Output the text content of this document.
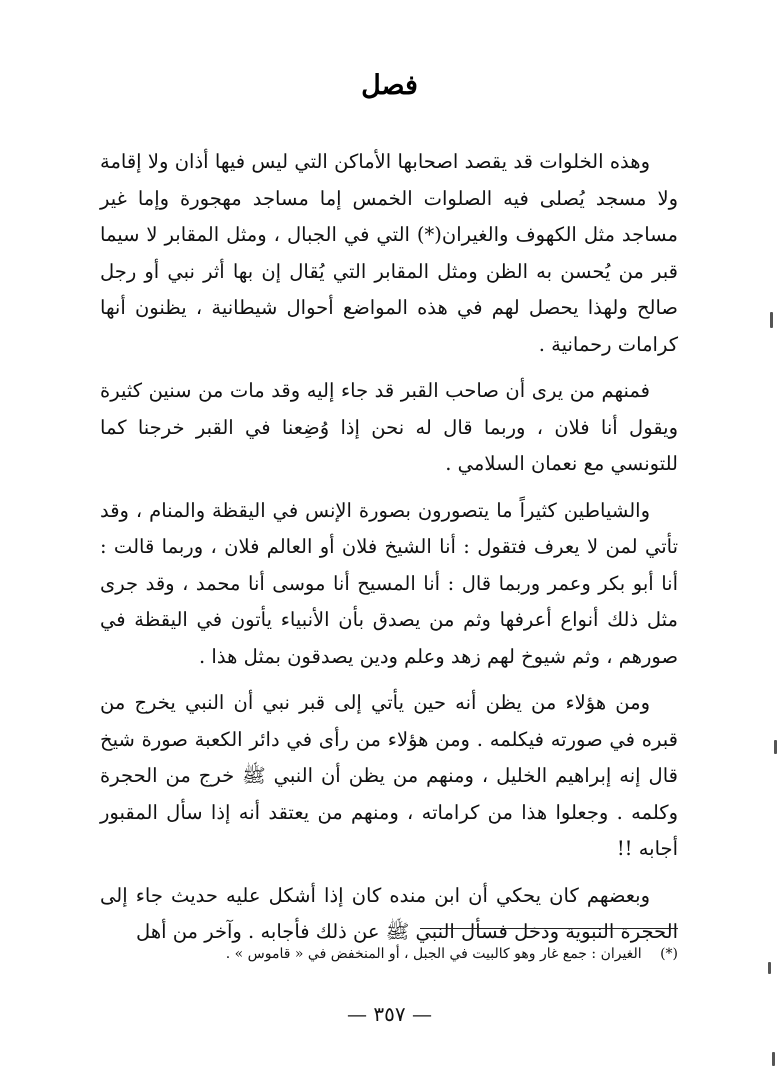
فصل

وهذه الخلوات قد يقصد اصحابها الأماكن التي ليس فيها أذان ولا إقامة ولا مسجد يُصلى فيه الصلوات الخمس إما مساجد مهجورة وإما غير مساجد مثل الكهوف والغيران(*) التي في الجبال ، ومثل المقابر لا سيما قبر من يُحسن به الظن ومثل المقابر التي يُقال إن بها أثر نبي أو رجل صالح ولهذا يحصل لهم في هذه المواضع أحوال شيطانية ، يظنون أنها كرامات رحمانية .

فمنهم من يرى أن صاحب القبر قد جاء إليه وقد مات من سنين كثيرة ويقول أنا فلان ، وربما قال له نحن إذا وُضِعنا في القبر خرجنا كما للتونسي مع نعمان السلامي .

والشياطين كثيراً ما يتصورون بصورة الإنس في اليقظة والمنام ، وقد تأتي لمن لا يعرف فتقول : أنا الشيخ فلان أو العالم فلان ، وربما قالت : أنا أبو بكر وعمر وربما قال : أنا المسيح أنا موسى أنا محمد ، وقد جرى مثل ذلك أنواع أعرفها وثم من يصدق بأن الأنبياء يأتون في اليقظة في صورهم ، وثم شيوخ لهم زهد وعلم ودين يصدقون بمثل هذا .

ومن هؤلاء من يظن أنه حين يأتي إلى قبر نبي أن النبي يخرج من قبره في صورته فيكلمه . ومن هؤلاء من رأى في دائر الكعبة صورة شيخ قال إنه إبراهيم الخليل ، ومنهم من يظن أن النبي ﷺ خرج من الحجرة وكلمه . وجعلوا هذا من كراماته ، ومنهم من يعتقد أنه إذا سأل المقبور أجابه !!

وبعضهم كان يحكي أن ابن منده كان إذا أشكل عليه حديث جاء إلى الحجرة النبوية ودخل فسأل النبي ﷺ عن ذلك فأجابه . وآخر من أهل

(*) الغيران : جمع غار وهو كالبيت في الجبل ، أو المنخفض في « قاموس » .
— ٣٥٧ —
